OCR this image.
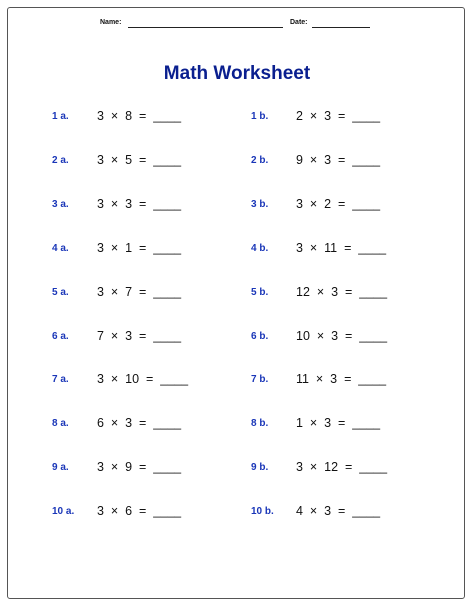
Name:	Date:
Math Worksheet
1 a. 3  ×  8  =  ____
2 a. 3  ×  5  =  ____
3 a. 3  ×  3  =  ____
4 a. 3  ×  1  =  ____
5 a. 3  ×  7  =  ____
6 a. 7  ×  3  =  ____
7 a. 3  ×  10  =  ____
8 a. 6  ×  3  =  ____
9 a. 3  ×  9  =  ____
10 a. 3  ×  6  =  ____
1 b. 2  ×  3  =  ____
2 b. 9  ×  3  =  ____
3 b. 3  ×  2  =  ____
4 b. 3  ×  11  =  ____
5 b. 12  ×  3  =  ____
6 b. 10  ×  3  =  ____
7 b. 11  ×  3  =  ____
8 b. 1  ×  3  =  ____
9 b. 3  ×  12  =  ____
10 b. 4  ×  3  =  ____
